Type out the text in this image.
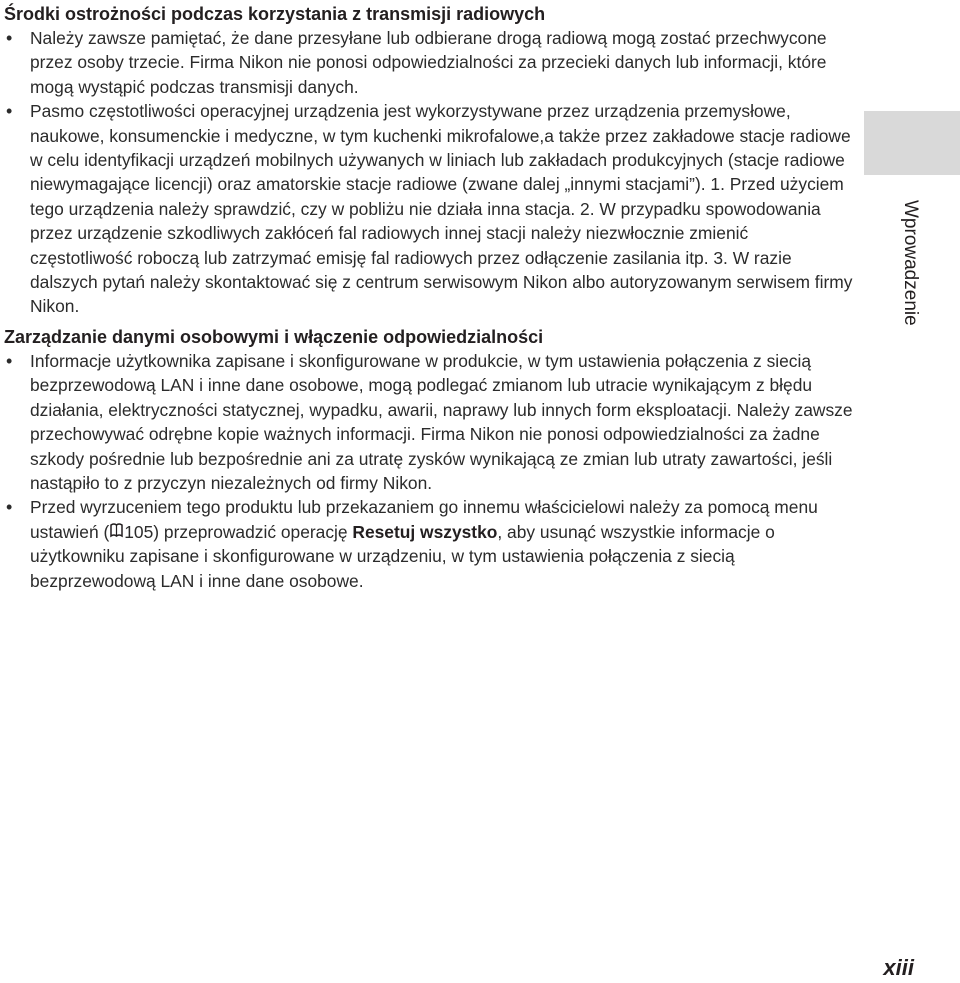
Środki ostrożności podczas korzystania z transmisji radiowych
• Należy zawsze pamiętać, że dane przesyłane lub odbierane drogą radiową mogą zostać przechwycone przez osoby trzecie. Firma Nikon nie ponosi odpowiedzialności za przecieki danych lub informacji, które mogą wystąpić podczas transmisji danych.
• Pasmo częstotliwości operacyjnej urządzenia jest wykorzystywane przez urządzenia przemysłowe, naukowe, konsumenckie i medyczne, w tym kuchenki mikrofalowe,a także przez zakładowe stacje radiowe w celu identyfikacji urządzeń mobilnych używanych w liniach lub zakładach produkcyjnych (stacje radiowe niewymagające licencji) oraz amatorskie stacje radiowe (zwane dalej „innymi stacjami”). 1. Przed użyciem tego urządzenia należy sprawdzić, czy w pobliżu nie działa inna stacja. 2. W przypadku spowodowania przez urządzenie szkodliwych zakłóceń fal radiowych innej stacji należy niezwłocznie zmienić częstotliwość roboczą lub zatrzymać emisję fal radiowych przez odłączenie zasilania itp. 3. W razie dalszych pytań należy skontaktować się z centrum serwisowym Nikon albo autoryzowanym serwisem firmy Nikon.
Zarządzanie danymi osobowymi i włączenie odpowiedzialności
• Informacje użytkownika zapisane i skonfigurowane w produkcie, w tym ustawienia połączenia z siecią bezprzewodową LAN i inne dane osobowe, mogą podlegać zmianom lub utracie wynikającym z błędu działania, elektryczności statycznej, wypadku, awarii, naprawy lub innych form eksploatacji. Należy zawsze przechowywać odrębne kopie ważnych informacji. Firma Nikon nie ponosi odpowiedzialności za żadne szkody pośrednie lub bezpośrednie ani za utratę zysków wynikającą ze zmian lub utraty zawartości, jeśli nastąpiło to z przyczyn niezależnych od firmy Nikon.
• Przed wyrzuceniem tego produktu lub przekazaniem go innemu właścicielowi należy za pomocą menu ustawień ( 105) przeprowadzić operację Resetuj wszystko, aby usunąć wszystkie informacje o użytkowniku zapisane i skonfigurowane w urządzeniu, w tym ustawienia połączenia z siecią bezprzewodową LAN i inne dane osobowe.
Wprowadzenie
xiii
